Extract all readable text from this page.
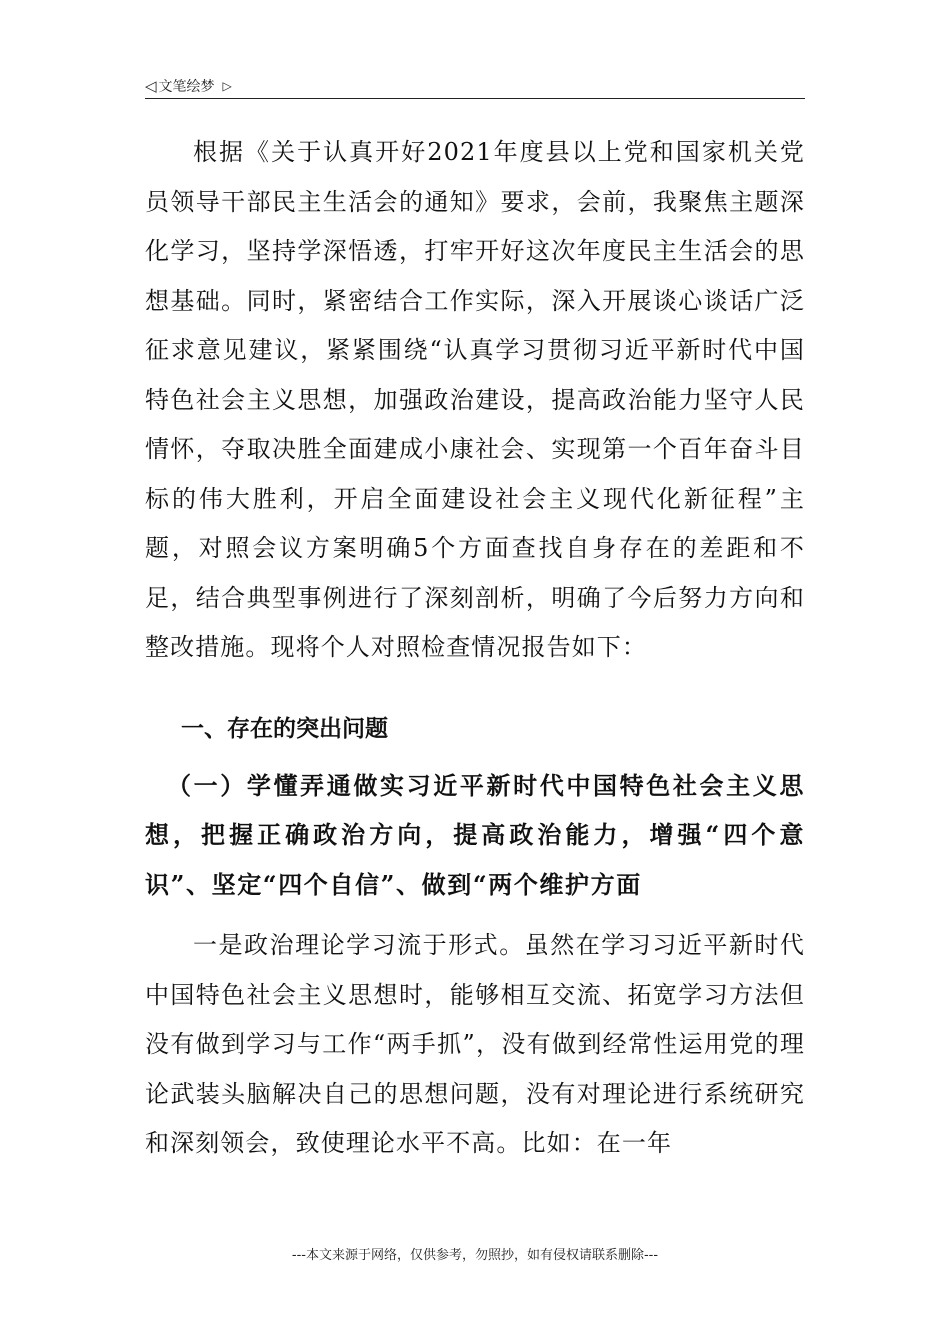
◁ 文笔绘梦 ▷

根据《关于认真开好2021年度县以上党和国家机关党员领导干部民主生活会的通知》要求，会前，我聚焦主题深化学习，坚持学深悟透，打牢开好这次年度民主生活会的思想基础。同时，紧密结合工作实际，深入开展谈心谈话广泛征求意见建议，紧紧围绕“认真学习贯彻习近平新时代中国特色社会主义思想，加强政治建设，提高政治能力坚守人民情怀，夺取决胜全面建成小康社会、实现第一个百年奋斗目标的伟大胜利，开启全面建设社会主义现代化新征程”主题，对照会议方案明确5个方面查找自身存在的差距和不足，结合典型事例进行了深刻剖析，明确了今后努力方向和整改措施。现将个人对照检查情况报告如下：

一、存在的突出问题

（一）学懂弄通做实习近平新时代中国特色社会主义思想，把握正确政治方向，提高政治能力，增强“四个意识”、坚定“四个自信”、做到“两个维护方面

一是政治理论学习流于形式。虽然在学习习近平新时代中国特色社会主义思想时，能够相互交流、拓宽学习方法但没有做到学习与工作“两手抓”，没有做到经常性运用党的理论武装头脑解决自己的思想问题，没有对理论进行系统研究和深刻领会，致使理论水平不高。比如：在一年

---本文来源于网络，仅供参考，勿照抄，如有侵权请联系删除---
